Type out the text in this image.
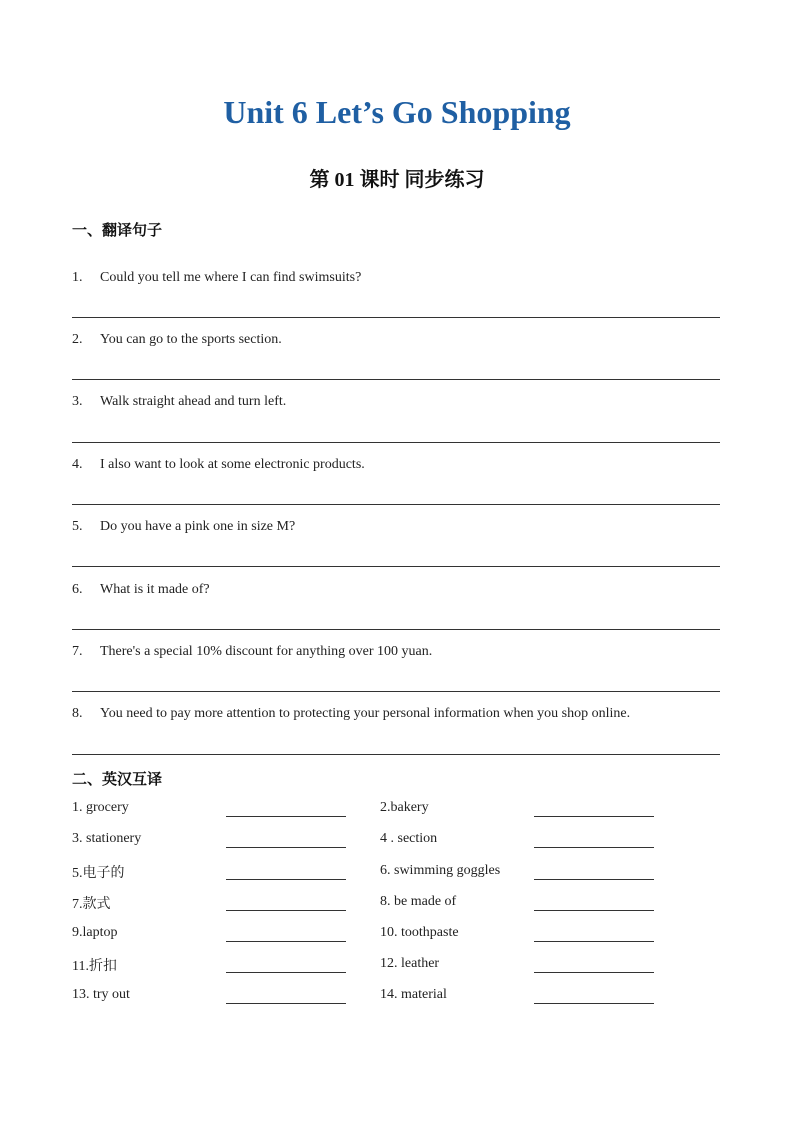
Unit 6 Let’s Go Shopping
第 01 课时 同步练习
一、翻译句子
1. Could you tell me where I can find swimsuits?
2. You can go to the sports section.
3. Walk straight ahead and turn left.
4. I also want to look at some electronic products.
5. Do you have a pink one in size M?
6. What is it made of?
7. There's a special 10% discount for anything over 100 yuan.
8. You need to pay more attention to protecting your personal information when you shop online.
二、英汉互译
1. grocery	2.bakery
3. stationery	4 . section
5.电子的	6. swimming goggles
7.款式	8. be made of
9.laptop	10. toothpaste
11.折扣	12. leather
13. try out	14. material
